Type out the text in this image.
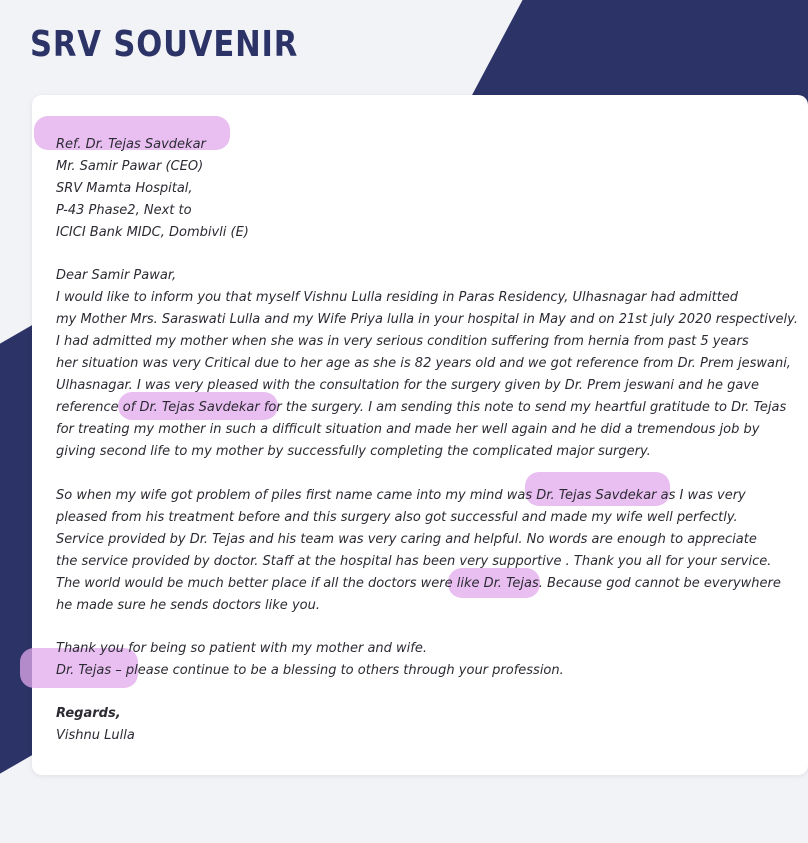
SRV SOUVENIR
Ref. Dr. Tejas Savdekar
Mr. Samir Pawar (CEO)
SRV Mamta Hospital,
P-43 Phase2, Next to
ICICI Bank MIDC, Dombivli (E)
Dear Samir Pawar,
I would like to inform you that myself Vishnu Lulla residing in Paras Residency, Ulhasnagar had admitted
my Mother Mrs. Saraswati Lulla and my Wife Priya lulla in your hospital in May and on 21st july 2020 respectively.
I had admitted my mother when she was in very serious condition suffering from hernia from past 5 years
her situation was very Critical due to her age as she is 82 years old and we got reference from Dr. Prem jeswani,
Ulhasnagar. I was very pleased with the consultation for the surgery given by Dr. Prem jeswani and he gave
reference of Dr. Tejas Savdekar for the surgery. I am sending this note to send my heartful gratitude to Dr. Tejas
for treating my mother in such a difficult situation and made her well again and he did a tremendous job by
giving second life to my mother by successfully completing the complicated major surgery.
So when my wife got problem of piles first name came into my mind was Dr. Tejas Savdekar as I was very
pleased from his treatment before and this surgery also got successful and made my wife well perfectly.
Service provided by Dr. Tejas and his team was very caring and helpful. No words are enough to appreciate
the service provided by doctor. Staff at the hospital has been very supportive . Thank you all for your service.
The world would be much better place if all the doctors were like Dr. Tejas. Because god cannot be everywhere
he made sure he sends doctors like you.
Thank you for being so patient with my mother and wife.
Dr. Tejas – please continue to be a blessing to others through your profession.
Regards,
Vishnu Lulla
